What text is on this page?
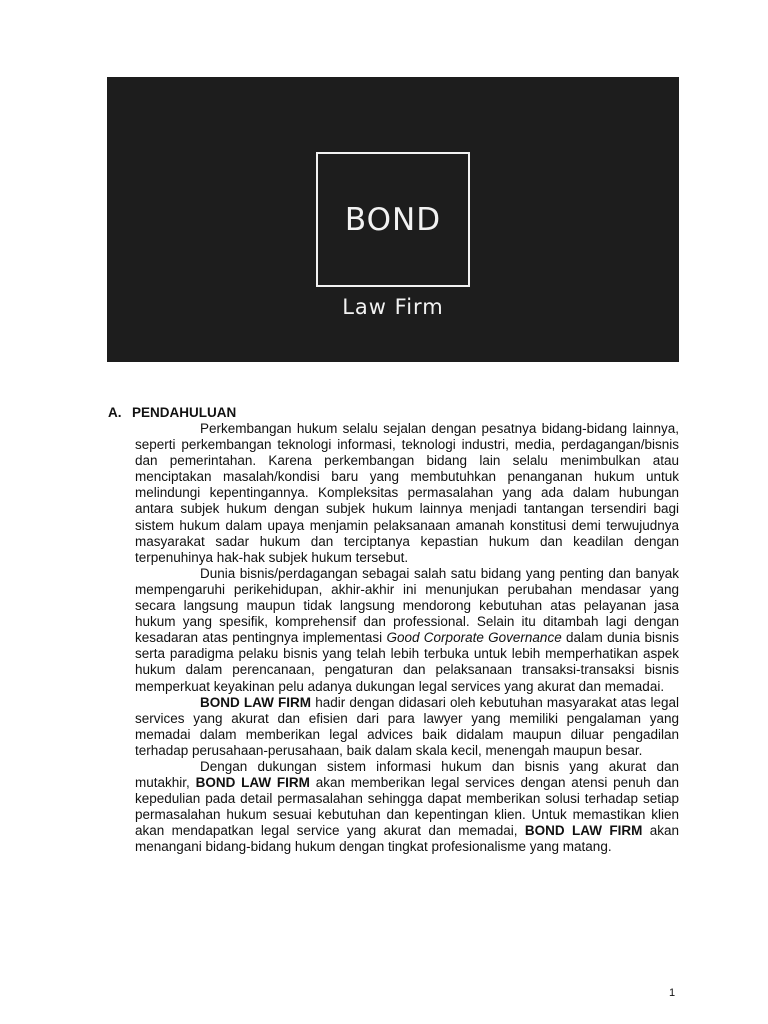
BOND
Law Firm
A. PENDAHULUAN

Perkembangan hukum selalu sejalan dengan pesatnya bidang-bidang lainnya, seperti perkembangan teknologi informasi, teknologi industri, media, perdagangan/bisnis dan pemerintahan. Karena perkembangan bidang lain selalu menimbulkan atau menciptakan masalah/kondisi baru yang membutuhkan penanganan hukum untuk melindungi kepentingannya. Kompleksitas permasalahan yang ada dalam hubungan antara subjek hukum dengan subjek hukum lainnya menjadi tantangan tersendiri bagi sistem hukum dalam upaya menjamin pelaksanaan amanah konstitusi demi terwujudnya masyarakat sadar hukum dan terciptanya kepastian hukum dan keadilan dengan terpenuhinya hak-hak subjek hukum tersebut.

Dunia bisnis/perdagangan sebagai salah satu bidang yang penting dan banyak mempengaruhi perikehidupan, akhir-akhir ini menunjukan perubahan mendasar yang secara langsung maupun tidak langsung mendorong kebutuhan atas pelayanan jasa hukum yang spesifik, komprehensif dan professional. Selain itu ditambah lagi dengan kesadaran atas pentingnya implementasi Good Corporate Governance dalam dunia bisnis serta paradigma pelaku bisnis yang telah lebih terbuka untuk lebih memperhatikan aspek hukum dalam perencanaan, pengaturan dan pelaksanaan transaksi-transaksi bisnis memperkuat keyakinan pelu adanya dukungan legal services yang akurat dan memadai.

BOND LAW FIRM hadir dengan didasari oleh kebutuhan masyarakat atas legal services yang akurat dan efisien dari para lawyer yang memiliki pengalaman yang memadai dalam memberikan legal advices baik didalam maupun diluar pengadilan terhadap perusahaan-perusahaan, baik dalam skala kecil, menengah maupun besar.

Dengan dukungan sistem informasi hukum dan bisnis yang akurat dan mutakhir, BOND LAW FIRM akan memberikan legal services dengan atensi penuh dan kepedulian pada detail permasalahan sehingga dapat memberikan solusi terhadap setiap permasalahan hukum sesuai kebutuhan dan kepentingan klien. Untuk memastikan klien akan mendapatkan legal service yang akurat dan memadai, BOND LAW FIRM akan menangani bidang-bidang hukum dengan tingkat profesionalisme yang matang.

1
